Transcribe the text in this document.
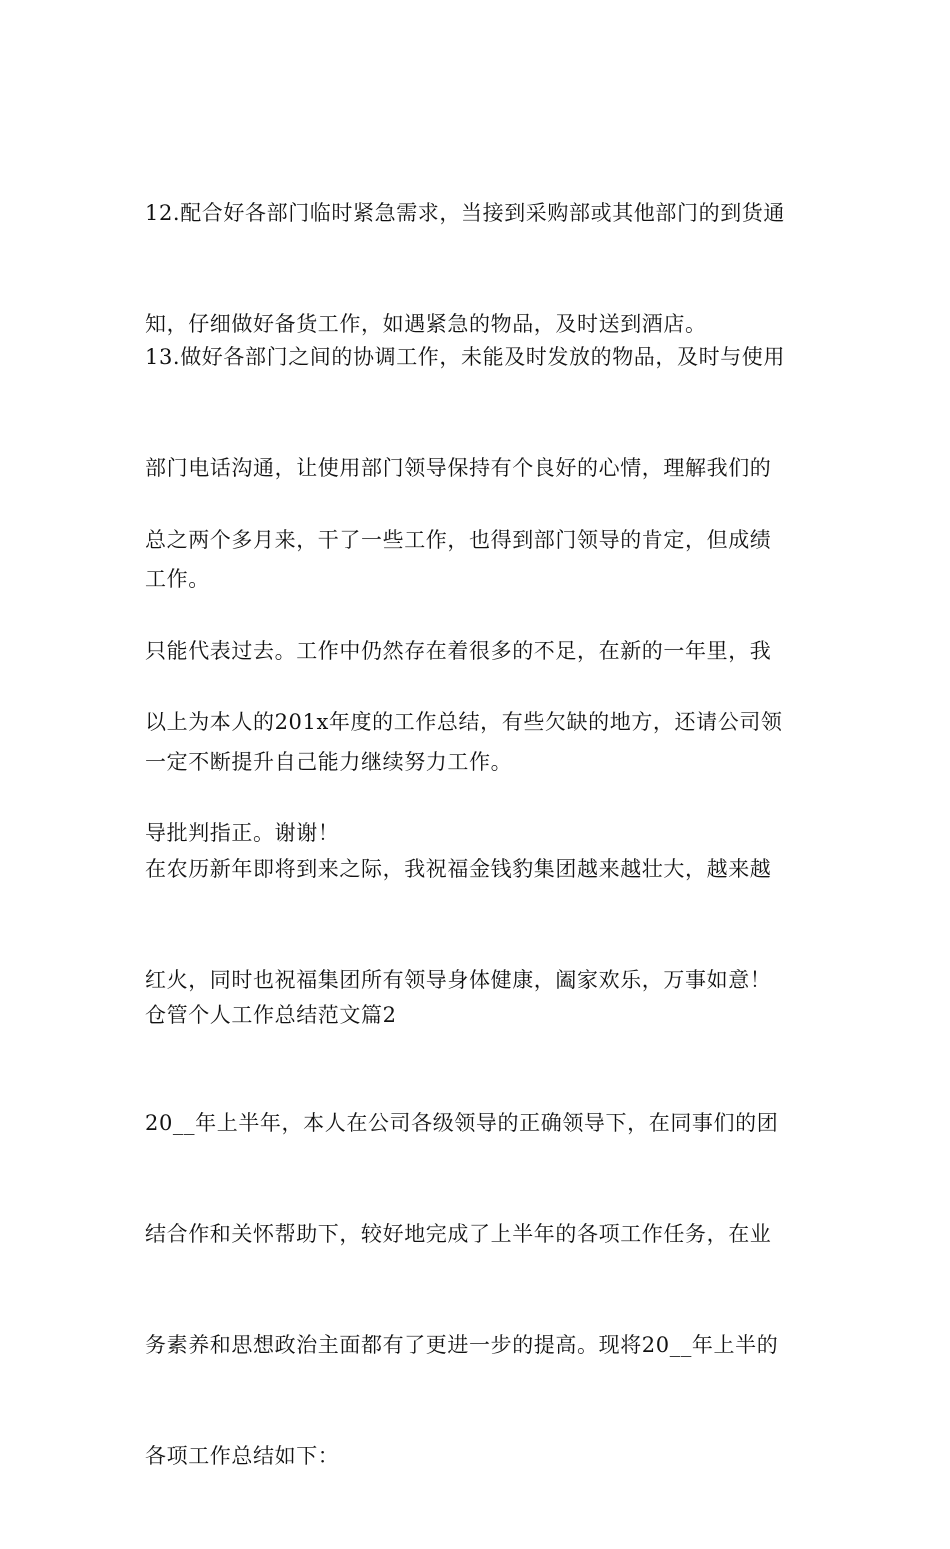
12.配合好各部门临时紧急需求，当接到采购部或其他部门的到货通

知，仔细做好备货工作，如遇紧急的物品，及时送到酒店。

13.做好各部门之间的协调工作，未能及时发放的物品，及时与使用

部门电话沟通，让使用部门领导保持有个良好的心情，理解我们的

工作。

总之两个多月来，干了一些工作，也得到部门领导的肯定，但成绩

只能代表过去。工作中仍然存在着很多的不足，在新的一年里，我

一定不断提升自己能力继续努力工作。

以上为本人的201x年度的工作总结，有些欠缺的地方，还请公司领

导批判指正。谢谢！

在农历新年即将到来之际，我祝福金钱豹集团越来越壮大，越来越

红火，同时也祝福集团所有领导身体健康，阖家欢乐，万事如意！

仓管个人工作总结范文篇2

20__年上半年，本人在公司各级领导的正确领导下，在同事们的团

结合作和关怀帮助下，较好地完成了上半年的各项工作任务，在业

务素养和思想政治主面都有了更进一步的提高。现将20__年上半的

各项工作总结如下：
